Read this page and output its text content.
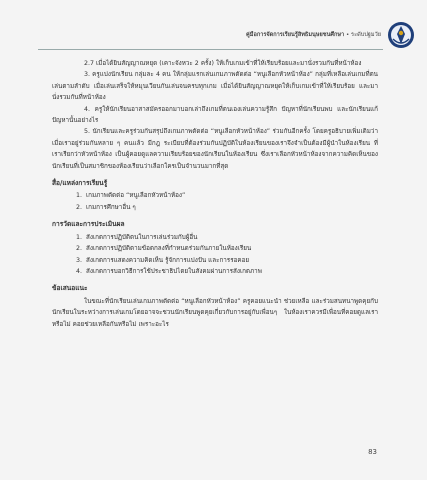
คู่มือการจัดการเรียนรู้สิทธิมนุษยชนศึกษา • ระดับปฐมวัย

2.7 เมื่อได้ยินสัญญาณหยุด (เคาะจังหวะ 2 ครั้ง) ให้เก็บเกมเข้าที่ให้เรียบร้อยและมานั่งรวมกันที่หน้าห้อง

3. ครูแบ่งนักเรียน กลุ่มละ 4 คน ให้กลุ่มแรกเล่นเกมภาพตัดต่อ “หนูเลือกหัวหน้าห้อง” กลุ่มที่เหลือเล่นเกมที่ตนเล่นตามลำดับ เมื่อเล่นเสร็จให้หมุนเวียนกันเล่นจนครบทุกเกม เมื่อได้ยินสัญญาณหยุดให้เก็บเกมเข้าที่ให้เรียบร้อย และมานั่งรวมกันที่หน้าห้อง

4. ครูให้นักเรียนอาสาสมัครออกมาบอกเล่าถึงเกมที่ตนเองเล่นความรู้สึก ปัญหาที่นักเรียนพบ และนักเรียนแก้ปัญหานั้นอย่างไร

5. นักเรียนและครูร่วมกันสรุปถึงเกมภาพตัดต่อ “หนูเลือกหัวหน้าห้อง” ร่วมกันอีกครั้ง โดยครูอธิบายเพิ่มเติมว่า เมื่อเราอยู่ร่วมกันหลาย ๆ คนแล้ว มีกฎ ระเบียบที่ต้องร่วมกันปฏิบัติในห้องเรียนของเราจึงจำเป็นต้องมีผู้นำในห้องเรียน ที่เราเรียกว่าหัวหน้าห้อง เป็นผู้คอยดูแลความเรียบร้อยของนักเรียนในห้องเรียน ซึ่งเราเลือกหัวหน้าห้องจากความคิดเห็นของนักเรียนที่เป็นสมาชิกของห้องเรียนว่าเลือกใครเป็นจำนวนมากที่สุด

สื่อ/แหล่งการเรียนรู้
1. เกมภาพตัดต่อ “หนูเลือกหัวหน้าห้อง”
2. เกมการศึกษาอื่น ๆ
การวัดและการประเมินผล
1. สังเกตการปฏิบัติตนในการเล่นร่วมกับผู้อื่น
2. สังเกตการปฏิบัติตามข้อตกลงที่กำหนดร่วมกันภายในห้องเรียน
3. สังเกตการแสดงความคิดเห็น รู้จักการแบ่งปัน และการรอคอย
4. สังเกตการบอกวิธีการใช้ประชาธิปไตยในสังคมผ่านการสังเกตภาพ
ข้อเสนอแนะ

ในขณะที่นักเรียนเล่นเกมภาพตัดต่อ “หนูเลือกหัวหน้าห้อง” ครูคอยแนะนำ ช่วยเหลือ และร่วมสนทนาพูดคุยกับนักเรียนในระหว่างการเล่นเกมโดยอาจจะชวนนักเรียนพูดคุยเกี่ยวกับการอยู่กับเพื่อนๆ ในห้องเราควรมีเพื่อนที่คอยดูแลเราหรือไม่ คอยช่วยเหลือกันหรือไม่ เพราะอะไร

83
